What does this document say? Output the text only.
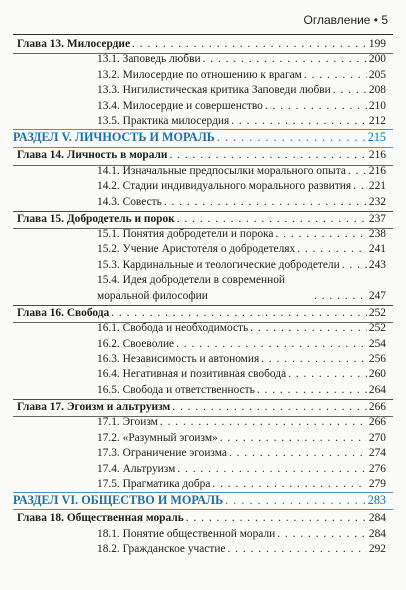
Оглавление • 5
Глава 13. Милосердие . . .	199
13.1. Заповедь любви . . .	200
13.2. Милосердие по отношению к врагам . . .	205
13.3. Нигилистическая критика Заповеди любви . . .	208
13.4. Милосердие и совершенство . . .	210
13.5. Практика милосердия . . .	212
РАЗДЕЛ V. ЛИЧНОСТЬ И МОРАЛЬ . . .	215
Глава 14. Личность в морали . . .	216
14.1. Изначальные предпосылки морального опыта . . . 216
14.2. Стадии индивидуального морального развития . . . 221
14.3. Совесть . . .	232
Глава 15. Добродетель и порок . . .	237
15.1. Понятия добродетели и порока . . .	238
15.2. Учение Аристотеля о добродетелях . . .	241
15.3. Кардинальные и теологические добродетели . . .	243
15.4. Идея добродетели в современной моральной философии . . .	247
Глава 16. Свобода . . .	252
16.1. Свобода и необходимость . . .	252
16.2. Своеволие . . .	254
16.3. Независимость и автономия . . .	256
16.4. Негативная и позитивная свобода . . .	260
16.5. Свобода и ответственность . . .	264
Глава 17. Эгоизм и альтруизм . . .	266
17.1. Эгоизм . . .	266
17.2. «Разумный эгоизм» . . .	270
17.3. Ограничение эгоизма . . .	274
17.4. Альтруизм . . .	276
17.5. Прагматика добра . . .	279
РАЗДЕЛ VI. ОБЩЕСТВО И МОРАЛЬ . . .	283
Глава 18. Общественная мораль . . .	284
18.1. Понятие общественной морали . . .	284
18.2. Гражданское участие . . .	292
